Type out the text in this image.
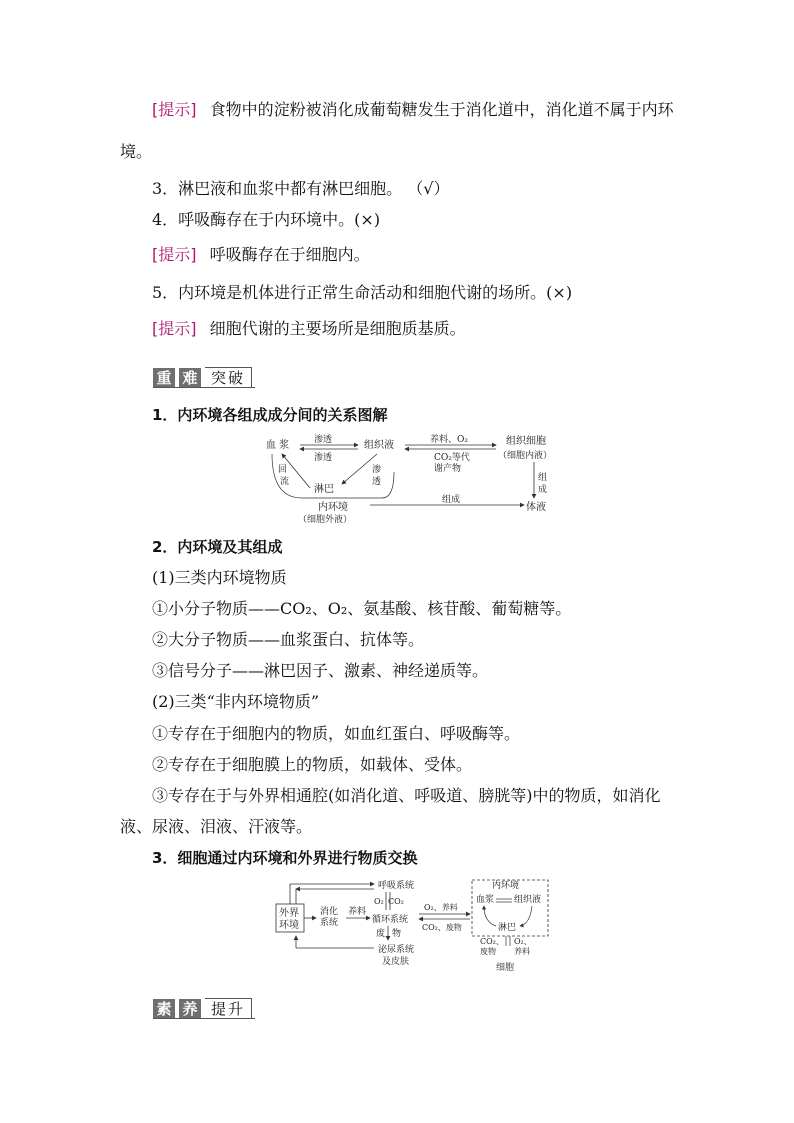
[提示] 食物中的淀粉被消化成葡萄糖发生于消化道中，消化道不属于内环
境。
3．淋巴液和血浆中都有淋巴细胞。 （√）
4．呼吸酶存在于内环境中。(×)
[提示] 呼吸酶存在于细胞内。
5．内环境是机体进行正常生命活动和细胞代谢的场所。(×)
[提示] 细胞代谢的主要场所是细胞质基质。
重 难 突破
1．内环境各组成成分间的关系图解
血 浆	组织液
渗透
渗透
养料、O₂
CO₂等代
谢产物
组织细胞
（细胞内液）
渗
透
淋巴
回
流
内环境
（细胞外液）
组成
组
成
体液
2．内环境及其组成
(1)三类内环境物质
①小分子物质——CO₂、O₂、氨基酸、核苷酸、葡萄糖等。
②大分子物质——血浆蛋白、抗体等。
③信号分子——淋巴因子、激素、神经递质等。
(2)三类“非内环境物质”
①专存在于细胞内的物质，如血红蛋白、呼吸酶等。
②专存在于细胞膜上的物质，如载体、受体。
③专存在于与外界相通腔(如消化道、呼吸道、膀胱等)中的物质，如消化
液、尿液、泪液、汗液等。
3．细胞通过内环境和外界进行物质交换
外界
环境
呼吸系统
消化
系统
养料
循环系统
O₂ CO₂
废 物
泌尿系统
及皮肤
O₂、养料
CO₂、废物
内环境
血浆 组织液
淋巴
CO₂、
废物
O₂、
养料
细胞
素 养 提升
